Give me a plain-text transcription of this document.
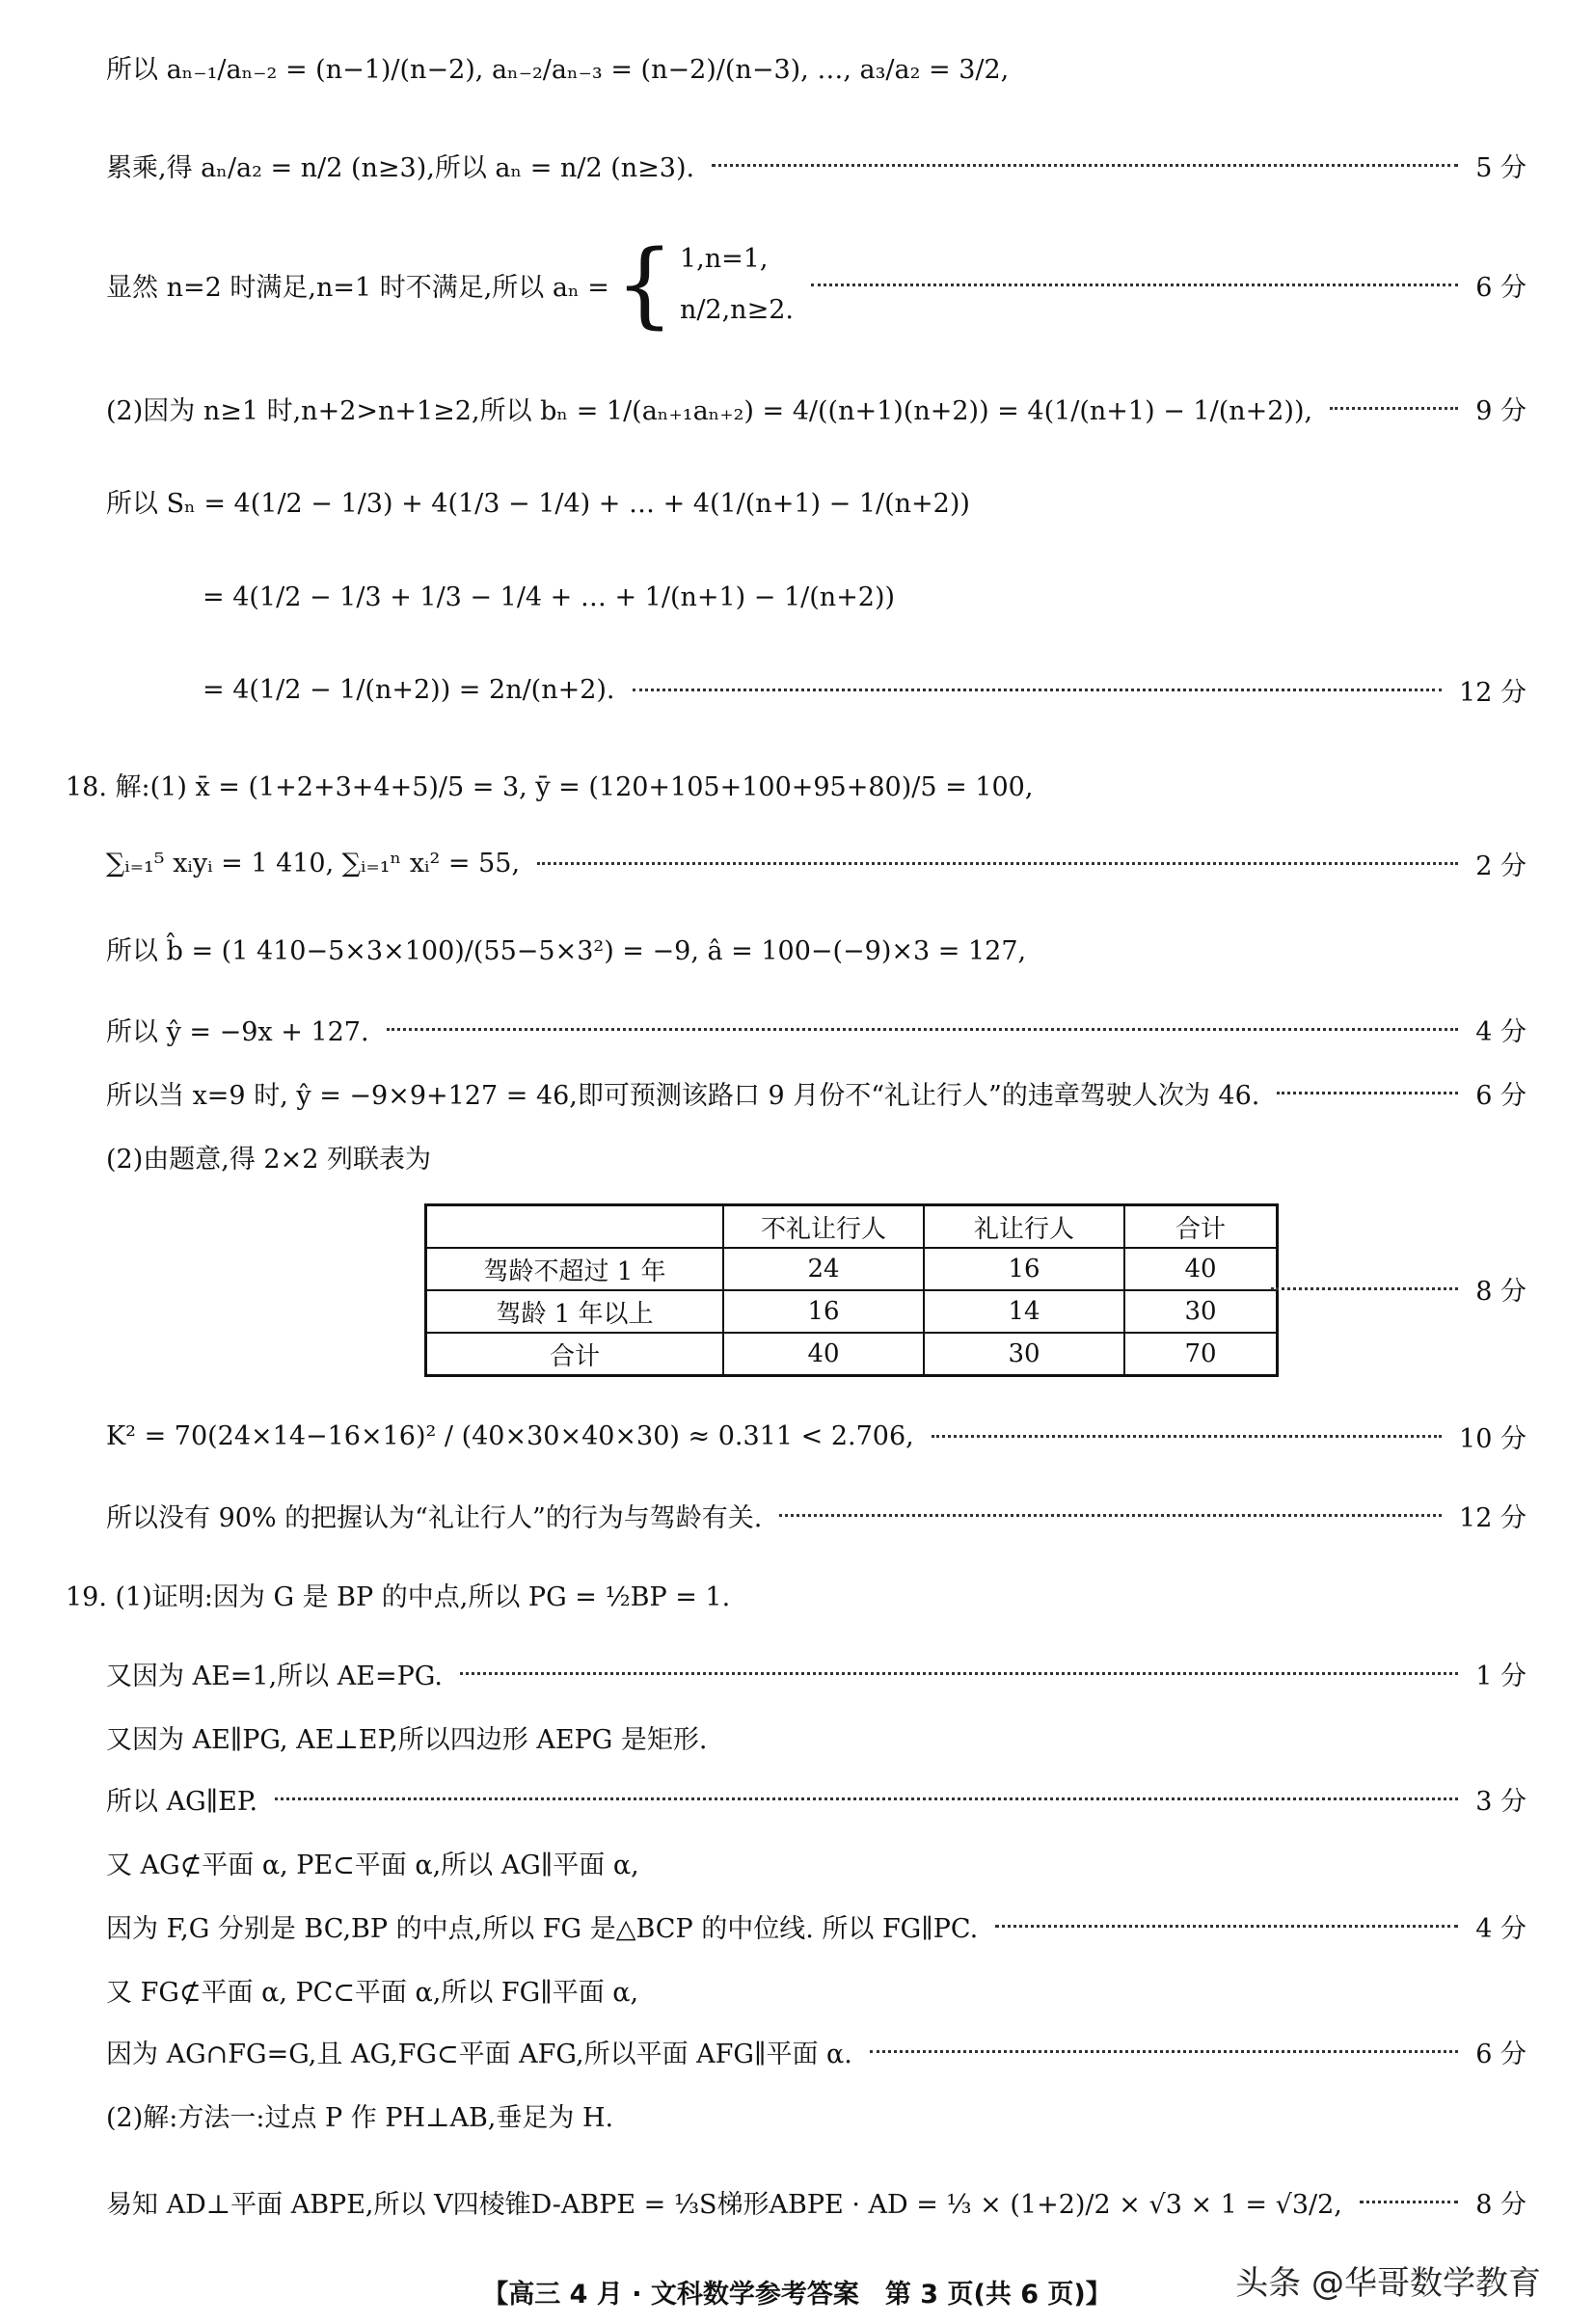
所以 aₙ₋₁/aₙ₋₂ = (n−1)/(n−2), aₙ₋₂/aₙ₋₃ = (n−2)/(n−3), …, a₃/a₂ = 3/2,
累乘,得 aₙ/a₂ = n/2 (n≥3),所以 aₙ = n/2 (n≥3).	5 分
显然 n=2 时满足,n=1 时不满足,所以 aₙ = { 1,n=1,
n/2,n≥2.
6 分
(2)因为 n≥1 时,n+2>n+1≥2,所以 bₙ = 1/(aₙ₊₁aₙ₊₂) = 4/((n+1)(n+2)) = 4(1/(n+1) − 1/(n+2)),	9 分
所以 Sₙ = 4(1/2 − 1/3) + 4(1/3 − 1/4) + … + 4(1/(n+1) − 1/(n+2))
= 4(1/2 − 1/3 + 1/3 − 1/4 + … + 1/(n+1) − 1/(n+2))
= 4(1/2 − 1/(n+2)) = 2n/(n+2).	12 分
18. 解:(1) x̄ = (1+2+3+4+5)/5 = 3, ȳ = (120+105+100+95+80)/5 = 100,
∑ᵢ₌₁⁵ xᵢyᵢ = 1 410, ∑ᵢ₌₁ⁿ xᵢ² = 55,	2 分
所以 b̂ = (1 410−5×3×100)/(55−5×3²) = −9, â = 100−(−9)×3 = 127,
所以 ŷ = −9x + 127.	4 分
所以当 x=9 时, ŷ = −9×9+127 = 46,即可预测该路口 9 月份不“礼让行人”的违章驾驶人次为 46.	6 分
(2)由题意,得 2×2 列联表为
	不礼让行人	礼让行人	合计
驾龄不超过 1 年	24	16	40
驾龄 1 年以上	16	14	30
合计	40	30	70
8 分
K² = 70(24×14−16×16)² / (40×30×40×30) ≈ 0.311 < 2.706,	10 分
所以没有 90% 的把握认为“礼让行人”的行为与驾龄有关.	12 分
19. (1)证明:因为 G 是 BP 的中点,所以 PG = ½BP = 1.
又因为 AE=1,所以 AE=PG.	1 分
又因为 AE∥PG, AE⊥EP,所以四边形 AEPG 是矩形.
所以 AG∥EP.	3 分
又 AG⊄平面 α, PE⊂平面 α,所以 AG∥平面 α,
因为 F,G 分别是 BC,BP 的中点,所以 FG 是△BCP 的中位线. 所以 FG∥PC.	4 分
又 FG⊄平面 α, PC⊂平面 α,所以 FG∥平面 α,
因为 AG∩FG=G,且 AG,FG⊂平面 AFG,所以平面 AFG∥平面 α.	6 分
(2)解:方法一:过点 P 作 PH⊥AB,垂足为 H.
易知 AD⊥平面 ABPE,所以 V四棱锥D-ABPE = ⅓S梯形ABPE · AD = ⅓ × (1+2)/2 × √3 × 1 = √3/2,	8 分
【高三 4 月 · 文科数学参考答案　第 3 页(共 6 页)】	头条 @华哥数学教育
